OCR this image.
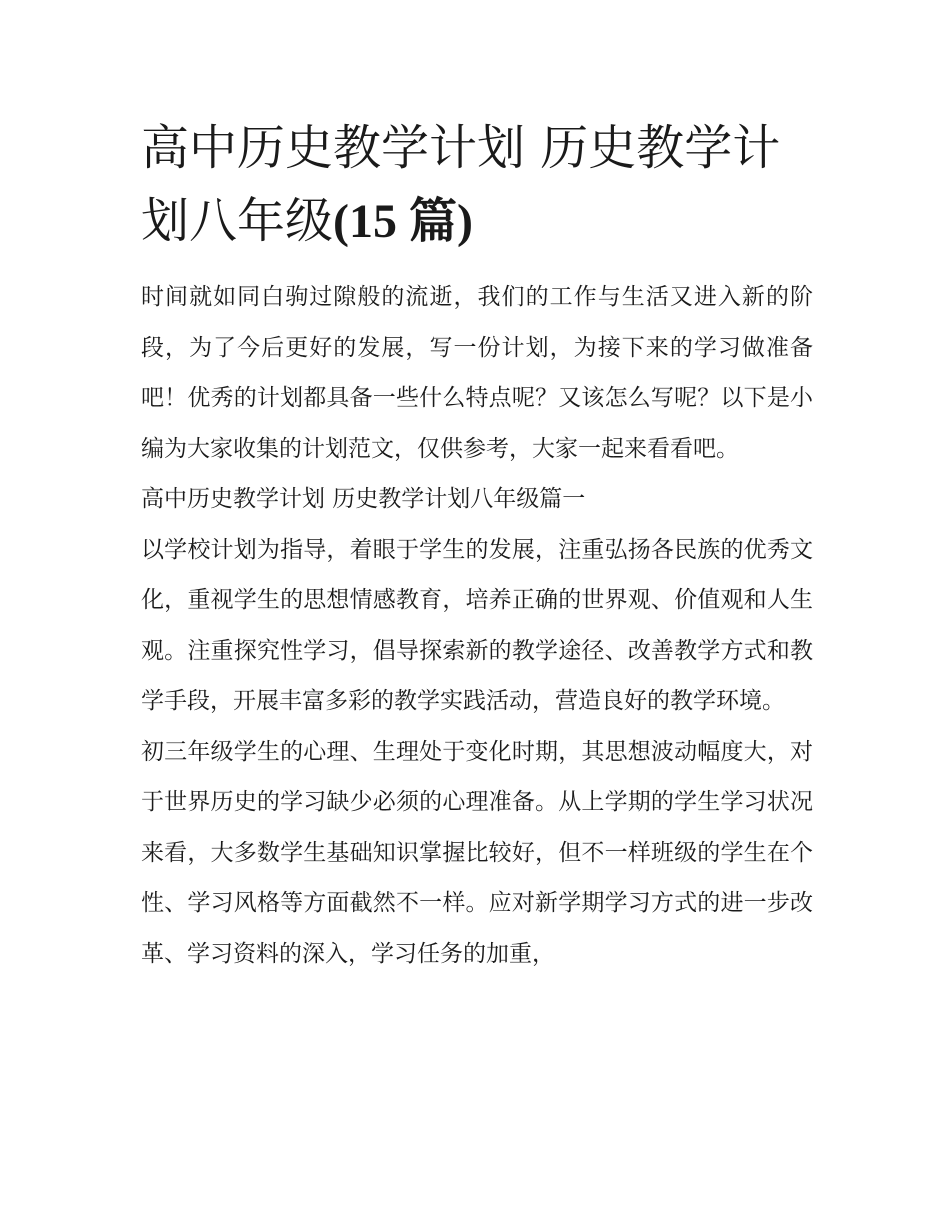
高中历史教学计划 历史教学计划八年级(15 篇)

时间就如同白驹过隙般的流逝，我们的工作与生活又进入新的阶段，为了今后更好的发展，写一份计划，为接下来的学习做准备吧！优秀的计划都具备一些什么特点呢？又该怎么写呢？以下是小编为大家收集的计划范文，仅供参考，大家一起来看看吧。

高中历史教学计划 历史教学计划八年级篇一

以学校计划为指导，着眼于学生的发展，注重弘扬各民族的优秀文化，重视学生的思想情感教育，培养正确的世界观、价值观和人生观。注重探究性学习，倡导探索新的教学途径、改善教学方式和教学手段，开展丰富多彩的教学实践活动，营造良好的教学环境。

初三年级学生的心理、生理处于变化时期，其思想波动幅度大，对于世界历史的学习缺少必须的心理准备。从上学期的学生学习状况来看，大多数学生基础知识掌握比较好，但不一样班级的学生在个性、学习风格等方面截然不一样。应对新学期学习方式的进一步改革、学习资料的深入，学习任务的加重，
